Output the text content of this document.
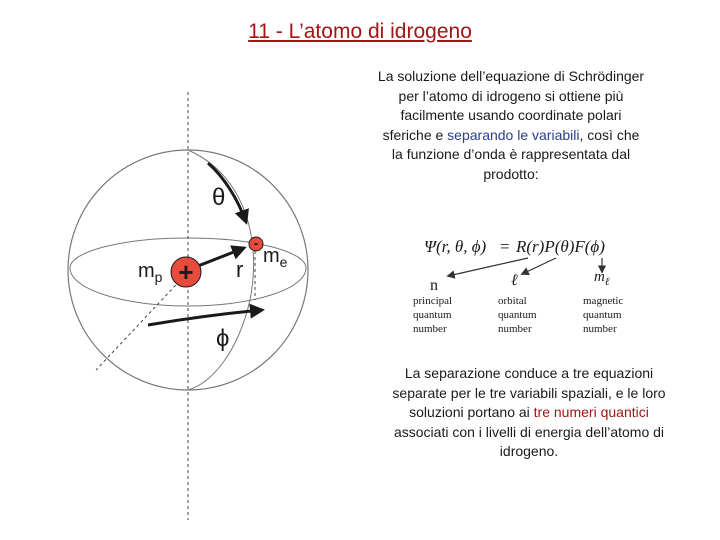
11 - L’atomo di idrogeno
La soluzione dell’equazione di Schrödinger per l’atomo di idrogeno si ottiene più facilmente usando coordinate polari sferiche e separando le variabili, così che la funzione d’onda è rappresentata dal prodotto:
La separazione conduce a tre equazioni separate per le tre variabili spaziali, e le loro soluzioni portano ai tre numeri quantici associati con i livelli di energia dell’atomo di idrogeno.
+
-
θ
ϕ
r
$m_p$
$m_e$
Ψ(r, θ, ϕ) = R(r)P(θ)F(ϕ)
n	ℓ	$m_\ell$
principal
quantum
number
orbital
quantum
number
magnetic
quantum
number
